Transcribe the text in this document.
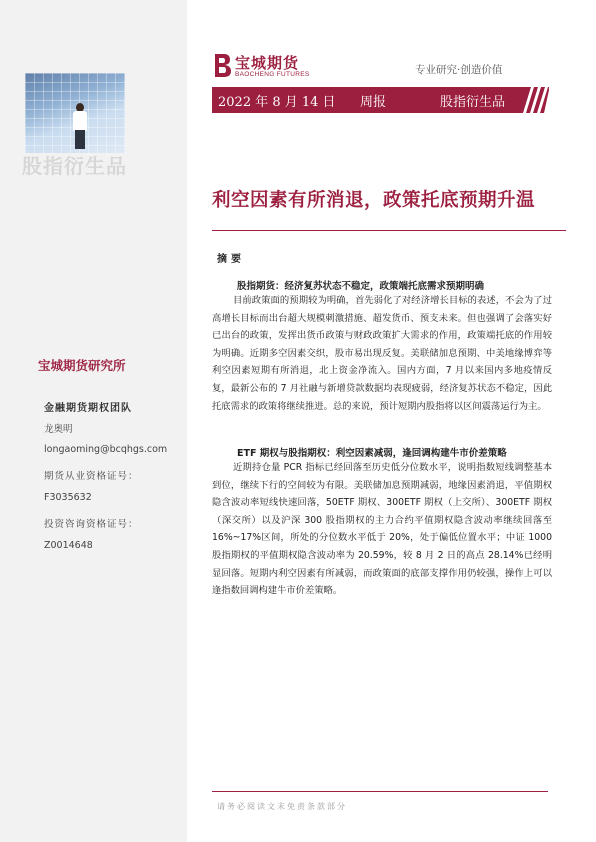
股指衍生品
宝城期货研究所
金融期货期权团队
龙奥明
longaoming@bcqhgs.com
期货从业资格证号：
F3035632
投资咨询资格证号：
Z0014648
宝城期货
BAOCHENG FUTURES	专业研究·创造价值
2022 年 8 月 14 日 周报	股指衍生品
利空因素有所消退，政策托底预期升温
摘要
股指期货：经济复苏状态不稳定，政策端托底需求预期明确
目前政策面的预期较为明确，首先弱化了对经济增长目标的表述，不会为了过高增长目标而出台超大规模刺激措施、超发货币、预支未来。但也强调了会落实好已出台的政策，发挥出货币政策与财政政策扩大需求的作用，政策端托底的作用较为明确。近期多空因素交织，股市易出现反复。美联储加息预期、中美地缘博弈等利空因素短期有所消退，北上资金净流入。国内方面，7 月以来国内多地疫情反复，最新公布的 7 月社融与新增贷款数据均表现疲弱，经济复苏状态不稳定，因此托底需求的政策将继续推进。总的来说，预计短期内股指将以区间震荡运行为主。
ETF 期权与股指期权：利空因素减弱，逢回调构建牛市价差策略
近期持仓量 PCR 指标已经回落至历史低分位数水平，说明指数短线调整基本到位，继续下行的空间较为有限。美联储加息预期减弱，地缘因素消退，平值期权隐含波动率短线快速回落，50ETF 期权、300ETF 期权（上交所）、300ETF 期权（深交所）以及沪深 300 股指期权的主力合约平值期权隐含波动率继续回落至 16%~17%区间，所处的分位数水平低于 20%，处于偏低位置水平；中证 1000 股指期权的平值期权隐含波动率为 20.59%，较 8 月 2 日的高点 28.14%已经明显回落。短期内利空因素有所减弱，而政策面的底部支撑作用仍较强，操作上可以逢指数回调构建牛市价差策略。
请务必阅读文末免责条款部分
